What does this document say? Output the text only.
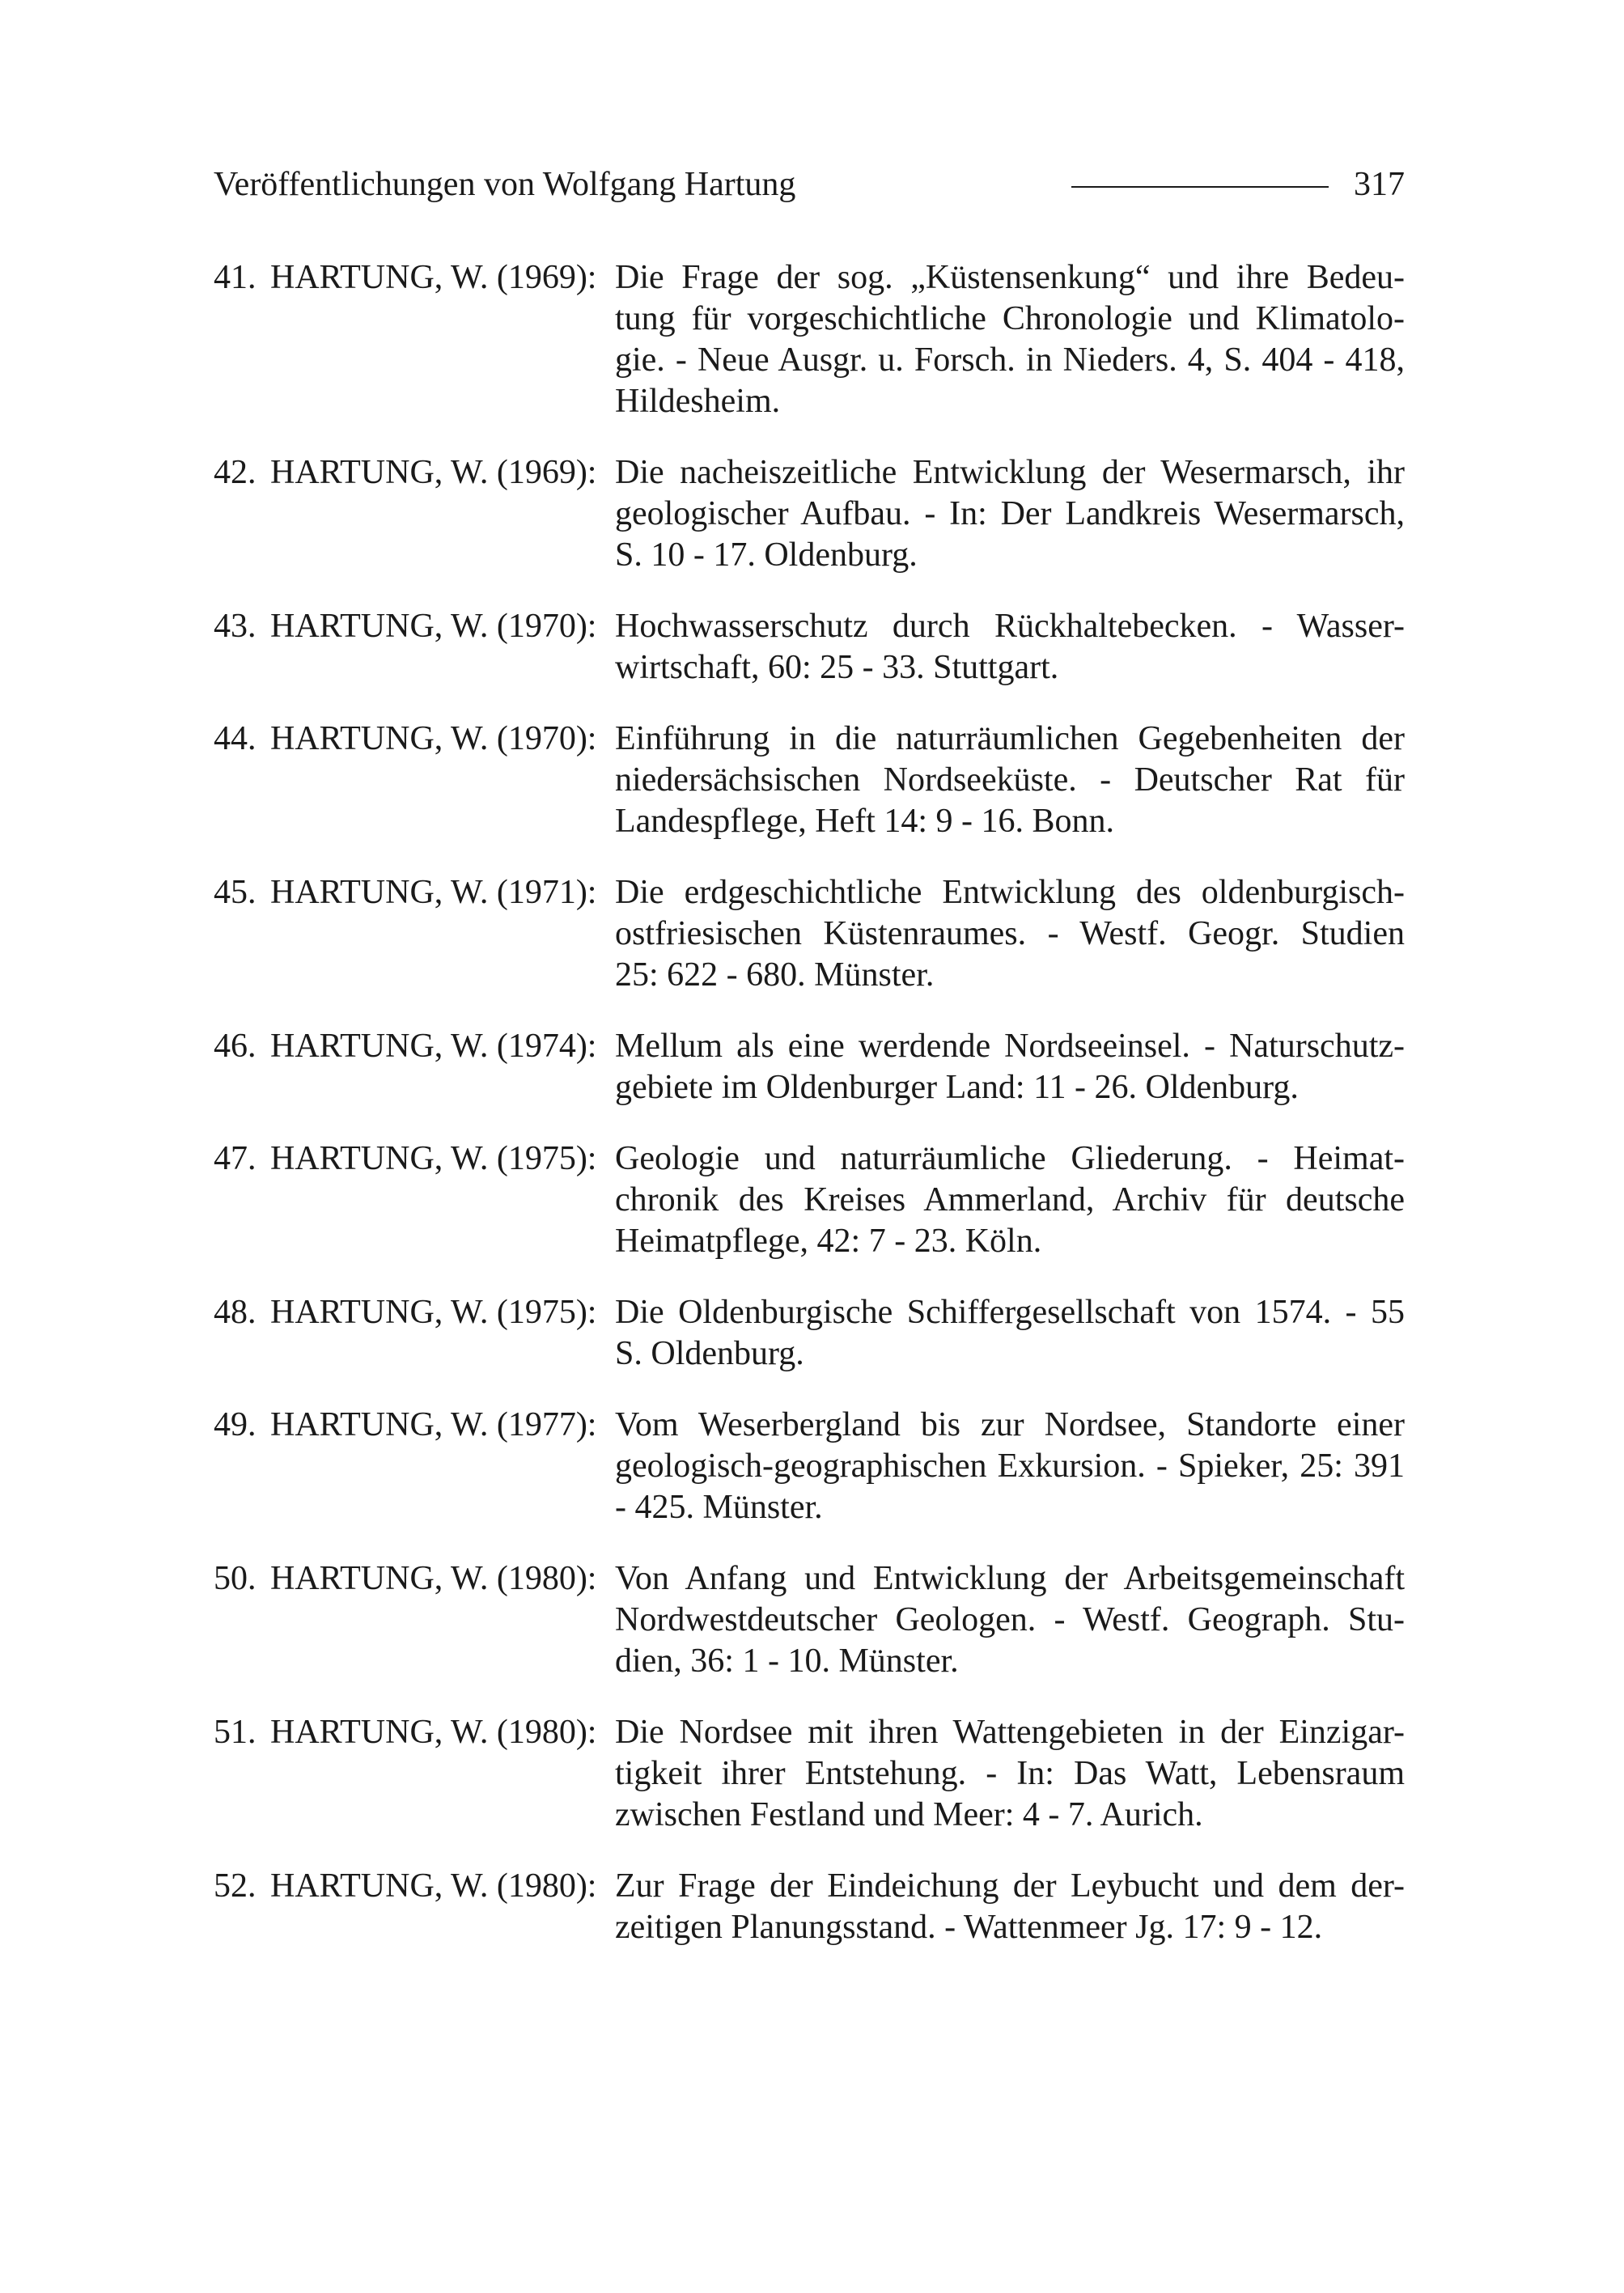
Veröffentlichungen von Wolfgang Hartung	317
41. HARTUNG, W. (1969): Die Frage der sog. „Küstensenkung“ und ihre Bedeu-
tung für vorgeschichtliche Chronologie und Klimatolo-
gie. - Neue Ausgr. u. Forsch. in Nieders. 4, S. 404 - 418,
Hildesheim.
42. HARTUNG, W. (1969): Die nacheiszeitliche Entwicklung der Wesermarsch, ihr
geologischer Aufbau. - In: Der Landkreis Wesermarsch,
S. 10 - 17. Oldenburg.
43. HARTUNG, W. (1970): Hochwasserschutz durch Rückhaltebecken. - Wasser-
wirtschaft, 60: 25 - 33. Stuttgart.
44. HARTUNG, W. (1970): Einführung in die naturräumlichen Gegebenheiten der
niedersächsischen Nordseeküste. - Deutscher Rat für
Landespflege, Heft 14: 9 - 16. Bonn.
45. HARTUNG, W. (1971): Die erdgeschichtliche Entwicklung des oldenburgisch-
ostfriesischen Küstenraumes. - Westf. Geogr. Studien
25: 622 - 680. Münster.
46. HARTUNG, W. (1974): Mellum als eine werdende Nordseeinsel. - Naturschutz-
gebiete im Oldenburger Land: 11 - 26. Oldenburg.
47. HARTUNG, W. (1975): Geologie und naturräumliche Gliederung. - Heimat-
chronik des Kreises Ammerland, Archiv für deutsche
Heimatpflege, 42: 7 - 23. Köln.
48. HARTUNG, W. (1975): Die Oldenburgische Schiffergesellschaft von 1574. - 55
S. Oldenburg.
49. HARTUNG, W. (1977): Vom Weserbergland bis zur Nordsee, Standorte einer
geologisch-geographischen Exkursion. - Spieker, 25: 391
- 425. Münster.
50. HARTUNG, W. (1980): Von Anfang und Entwicklung der Arbeitsgemeinschaft
Nordwestdeutscher Geologen. - Westf. Geograph. Stu-
dien, 36: 1 - 10. Münster.
51. HARTUNG, W. (1980): Die Nordsee mit ihren Wattengebieten in der Einzigar-
tigkeit ihrer Entstehung. - In: Das Watt, Lebensraum
zwischen Festland und Meer: 4 - 7. Aurich.
52. HARTUNG, W. (1980): Zur Frage der Eindeichung der Leybucht und dem der-
zeitigen Planungsstand. - Wattenmeer Jg. 17: 9 - 12.
